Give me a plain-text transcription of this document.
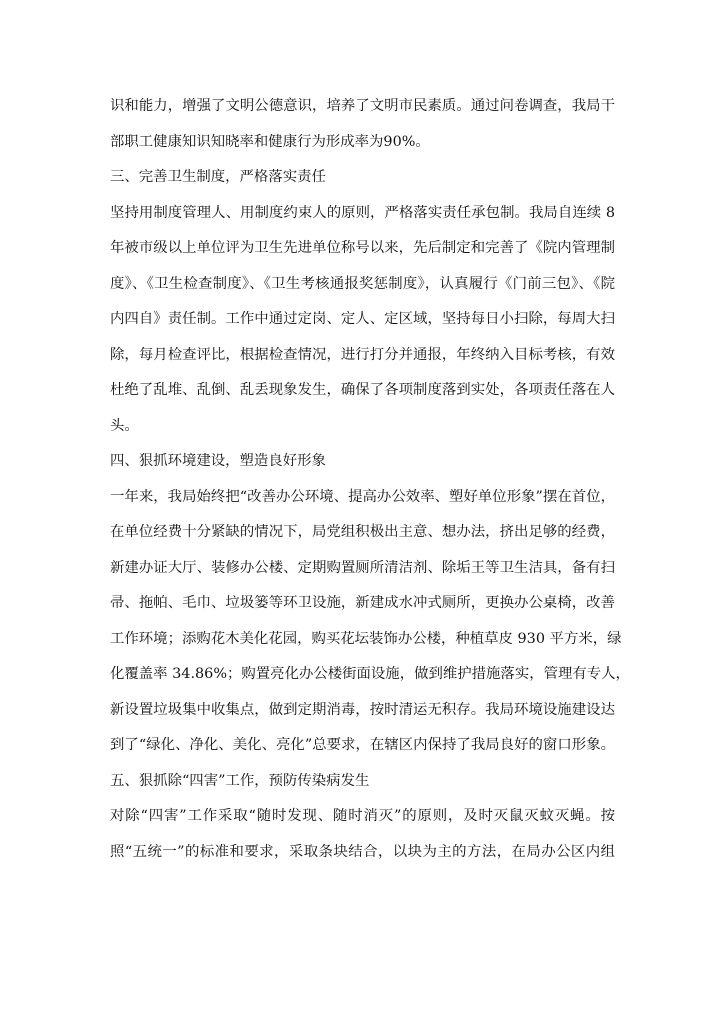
识和能力，增强了文明公德意识，培养了文明市民素质。通过问卷调查，我局干
部职工健康知识知晓率和健康行为形成率为90%。
三、完善卫生制度，严格落实责任
坚持用制度管理人、用制度约束人的原则，严格落实责任承包制。我局自连续 8
年被市级以上单位评为卫生先进单位称号以来，先后制定和完善了《院内管理制
度》、《卫生检查制度》、《卫生考核通报奖惩制度》，认真履行《门前三包》、《院
内四自》责任制。工作中通过定岗、定人、定区域，坚持每日小扫除，每周大扫
除，每月检查评比，根据检查情况，进行打分并通报，年终纳入目标考核，有效
杜绝了乱堆、乱倒、乱丢现象发生，确保了各项制度落到实处，各项责任落在人
头。
四、狠抓环境建设，塑造良好形象
一年来，我局始终把“改善办公环境、提高办公效率、塑好单位形象”摆在首位，
在单位经费十分紧缺的情况下，局党组积极出主意、想办法，挤出足够的经费，
新建办证大厅、装修办公楼、定期购置厕所清洁剂、除垢王等卫生洁具，备有扫
帚、拖帕、毛巾、垃圾篓等环卫设施，新建成水冲式厕所，更换办公桌椅，改善
工作环境；添购花木美化花园，购买花坛装饰办公楼，种植草皮 930 平方米，绿
化覆盖率 34.86%；购置亮化办公楼街面设施，做到维护措施落实，管理有专人，
新设置垃圾集中收集点，做到定期消毒，按时清运无积存。我局环境设施建设达
到了“绿化、净化、美化、亮化”总要求，在辖区内保持了我局良好的窗口形象。
五、狠抓除“四害”工作，预防传染病发生
对除“四害”工作采取“随时发现、随时消灭”的原则，及时灭鼠灭蚊灭蝇。按
照“五统一”的标准和要求，采取条块结合，以块为主的方法，在局办公区内组
